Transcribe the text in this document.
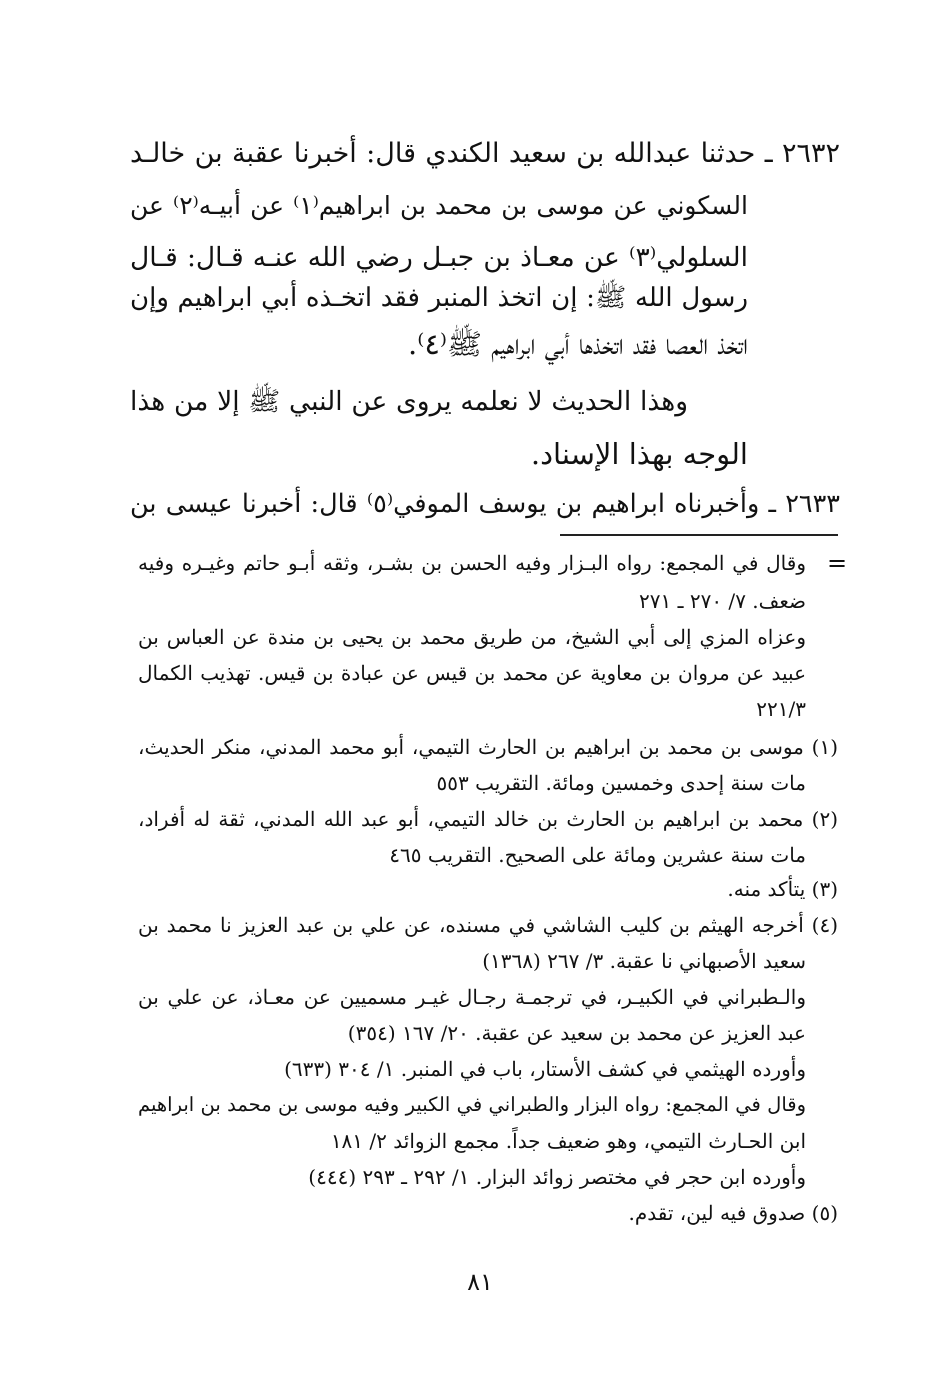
٢٦٣٢ ـ حدثنا عبدالله بن سعيد الكندي قال: أخبرنا عقبة بن خالـد
السكوني عن موسى بن محمد بن ابراهيم⁽١⁾ عن أبيـه⁽٢⁾ عن
السلولي⁽٣⁾ عن معـاذ بن جبـل رضي الله عنـه قـال: قـال
رسول الله ﷺ: إن اتخذ المنبر فقد اتخـذه أبي ابراهيم وإن
اتخذ العصا فقد اتخذها أبي ابراهيم ﷺ⁽٤⁾.
وهذا الحديث لا نعلمه يروى عن النبي ﷺ إلا من هذا
الوجه بهذا الإسناد.
٢٦٣٣ ـ وأخبرناه ابراهيم بن يوسف الموفي⁽٥⁾ قال: أخبرنا عيسى بن
=
وقال في المجمع: رواه البـزار وفيه الحسن بن بشـر، وثقه أبـو حاتم وغيـره وفيه
ضعف. ٧/ ٢٧٠ ـ ٢٧١
وعزاه المزي إلى أبي الشيخ، من طريق محمد بن يحيى بن مندة عن العباس بن
عبيد عن مروان بن معاوية عن محمد بن قيس عن عبادة بن قيس. تهذيب الكمال
٢٢١/٣
(١) موسى بن محمد بن ابراهيم بن الحارث التيمي، أبو محمد المدني، منكر الحديث،
مات سنة إحدى وخمسين ومائة. التقريب ٥٥٣
(٢) محمد بن ابراهيم بن الحارث بن خالد التيمي، أبو عبد الله المدني، ثقة له أفراد،
مات سنة عشرين ومائة على الصحيح. التقريب ٤٦٥
(٣) يتأكد منه.
(٤) أخرجه الهيثم بن كليب الشاشي في مسنده، عن علي بن عبد العزيز نا محمد بن
سعيد الأصبهاني نا عقبة. ٣/ ٢٦٧ (١٣٦٨)
والـطبراني في الكبيـر، في ترجمـة رجـال غيـر مسميين عن معـاذ، عن علي بن
عبد العزيز عن محمد بن سعيد عن عقبة. ٢٠/ ١٦٧ (٣٥٤)
وأورده الهيثمي في كشف الأستار، باب في المنبر. ١/ ٣٠٤ (٦٣٣)
وقال في المجمع: رواه البزار والطبراني في الكبير وفيه موسى بن محمد بن ابراهيم
ابن الحـارث التيمي، وهو ضعيف جداً. مجمع الزوائد ٢/ ١٨١
وأورده ابن حجر في مختصر زوائد البزار. ١/ ٢٩٢ ـ ٢٩٣ (٤٤٤)
(٥) صدوق فيه لين، تقدم.
٨١
